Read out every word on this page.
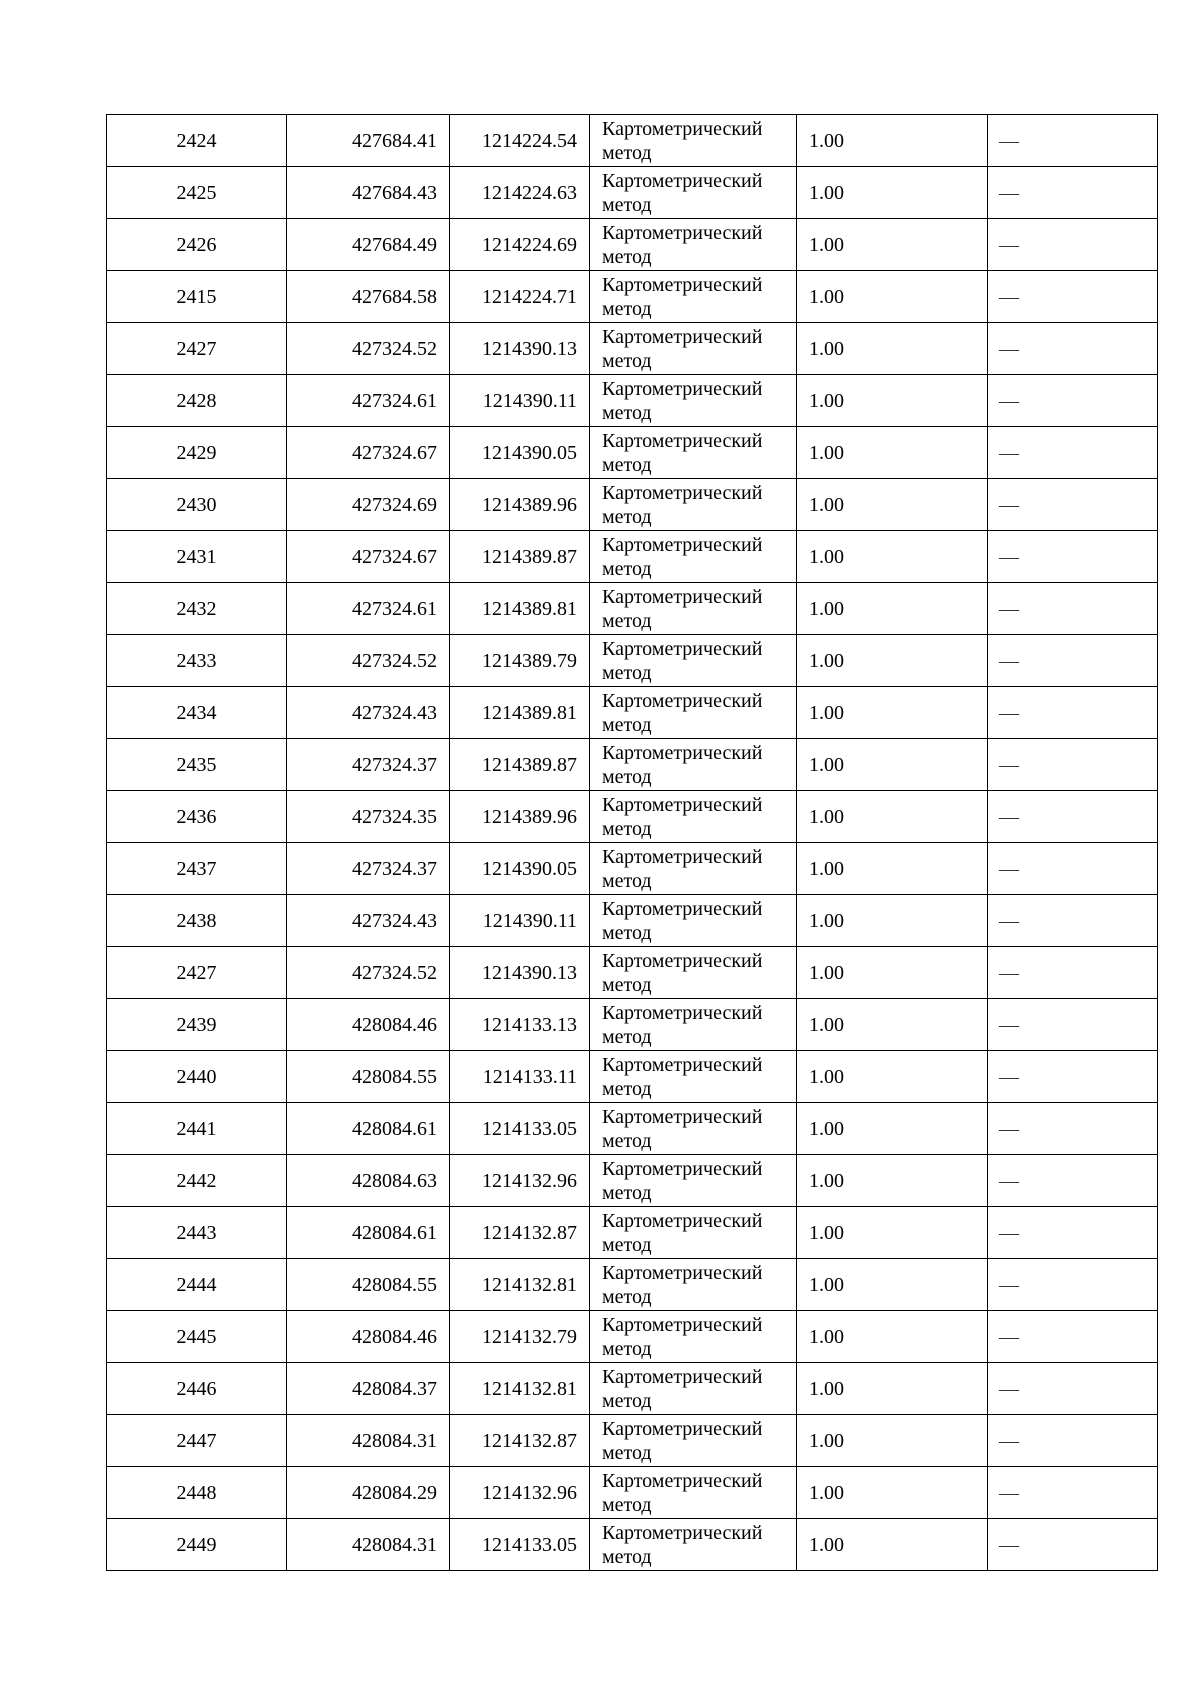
2424	427684.41	1214224.54	Картометрический метод	1.00	—
2425	427684.43	1214224.63	Картометрический метод	1.00	—
2426	427684.49	1214224.69	Картометрический метод	1.00	—
2415	427684.58	1214224.71	Картометрический метод	1.00	—
2427	427324.52	1214390.13	Картометрический метод	1.00	—
2428	427324.61	1214390.11	Картометрический метод	1.00	—
2429	427324.67	1214390.05	Картометрический метод	1.00	—
2430	427324.69	1214389.96	Картометрический метод	1.00	—
2431	427324.67	1214389.87	Картометрический метод	1.00	—
2432	427324.61	1214389.81	Картометрический метод	1.00	—
2433	427324.52	1214389.79	Картометрический метод	1.00	—
2434	427324.43	1214389.81	Картометрический метод	1.00	—
2435	427324.37	1214389.87	Картометрический метод	1.00	—
2436	427324.35	1214389.96	Картометрический метод	1.00	—
2437	427324.37	1214390.05	Картометрический метод	1.00	—
2438	427324.43	1214390.11	Картометрический метод	1.00	—
2427	427324.52	1214390.13	Картометрический метод	1.00	—
2439	428084.46	1214133.13	Картометрический метод	1.00	—
2440	428084.55	1214133.11	Картометрический метод	1.00	—
2441	428084.61	1214133.05	Картометрический метод	1.00	—
2442	428084.63	1214132.96	Картометрический метод	1.00	—
2443	428084.61	1214132.87	Картометрический метод	1.00	—
2444	428084.55	1214132.81	Картометрический метод	1.00	—
2445	428084.46	1214132.79	Картометрический метод	1.00	—
2446	428084.37	1214132.81	Картометрический метод	1.00	—
2447	428084.31	1214132.87	Картометрический метод	1.00	—
2448	428084.29	1214132.96	Картометрический метод	1.00	—
2449	428084.31	1214133.05	Картометрический метод	1.00	—
